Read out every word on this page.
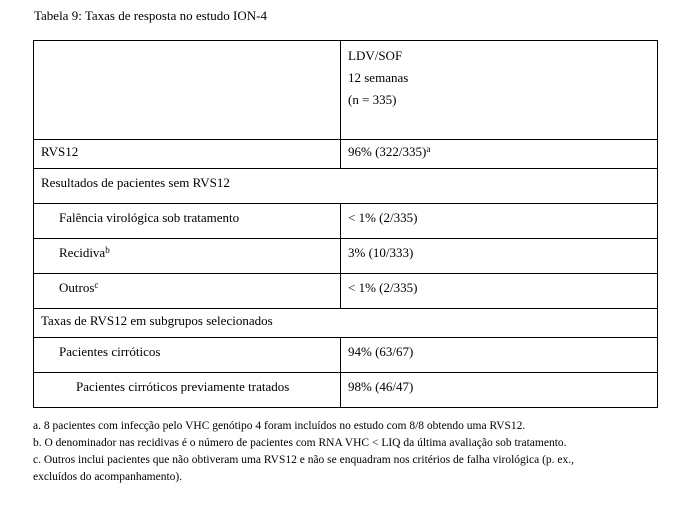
Tabela 9: Taxas de resposta no estudo ION-4

	LDV/SOF
12 semanas
(n = 335)

RVS12	96% $(322/335)^a$
Resultados de pacientes sem RVS12	
Falência virológica sob tratamento	< 1% (2/335)
Recidiva$^b$	3% (10/333)
Outros$^c$	< 1% (2/335)
Taxas de RVS12 em subgrupos selecionados	
Pacientes cirróticos	94% (63/67)
Pacientes cirróticos previamente tratados	98% (46/47)
a. 8 pacientes com infecção pelo VHC genótipo 4 foram incluídos no estudo com 8/8 obtendo uma RVS12.
b. O denominador nas recidivas é o número de pacientes com RNA VHC < LIQ da última avaliação sob tratamento.
c. Outros inclui pacientes que não obtiveram uma RVS12 e não se enquadram nos critérios de falha virológica (p. ex.,
excluídos do acompanhamento).
